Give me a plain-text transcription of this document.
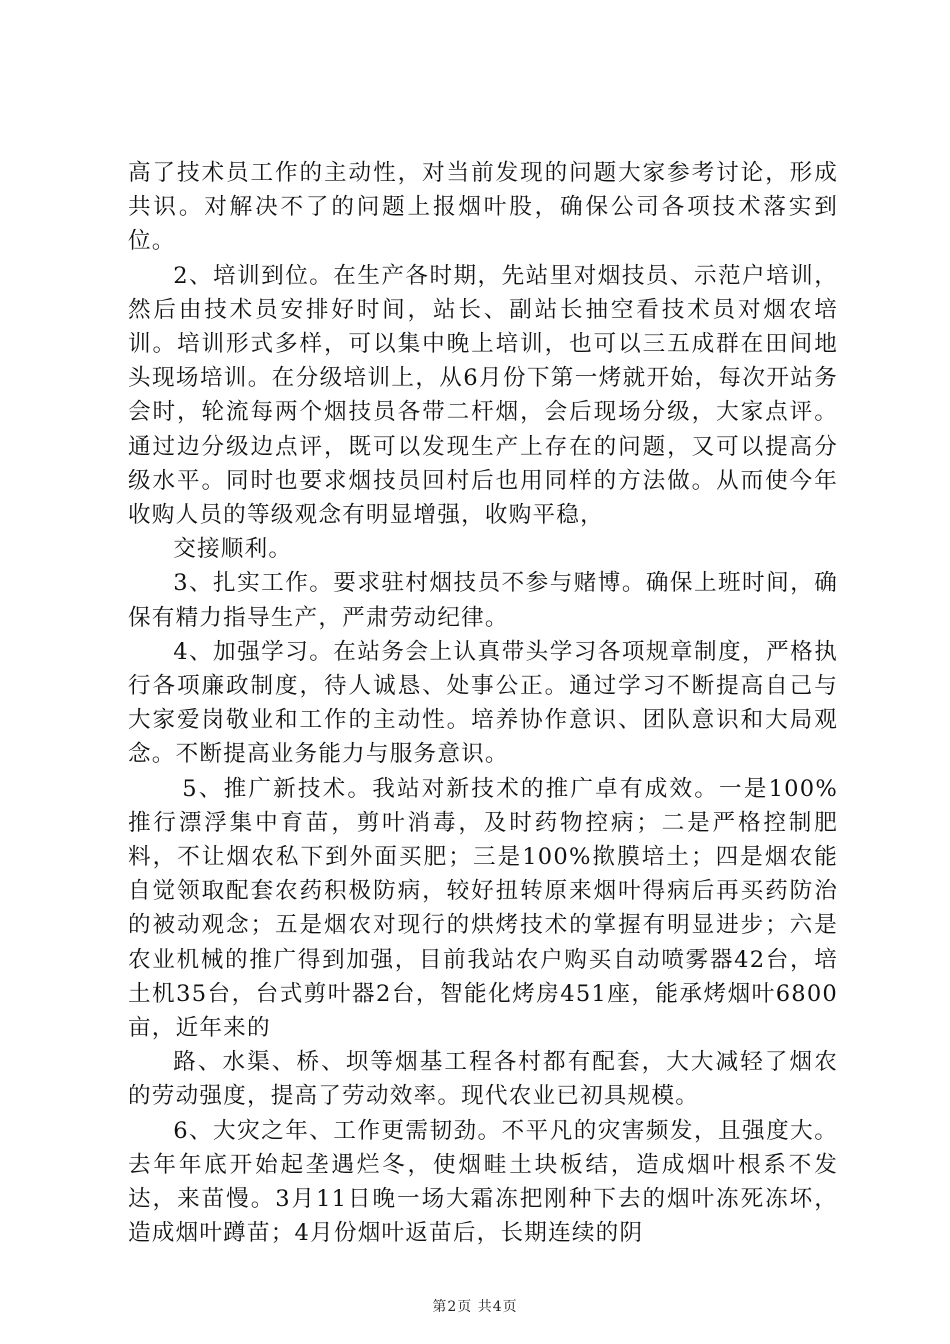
高了技术员工作的主动性，对当前发现的问题大家参考讨论，形成共识。对解决不了的问题上报烟叶股，确保公司各项技术落实到位。

2、培训到位。在生产各时期，先站里对烟技员、示范户培训，然后由技术员安排好时间，站长、副站长抽空看技术员对烟农培训。培训形式多样，可以集中晚上培训，也可以三五成群在田间地头现场培训。在分级培训上，从6月份下第一烤就开始，每次开站务会时，轮流每两个烟技员各带二杆烟，会后现场分级，大家点评。通过边分级边点评，既可以发现生产上存在的问题，又可以提高分级水平。同时也要求烟技员回村后也用同样的方法做。从而使今年收购人员的等级观念有明显增强，收购平稳，

交接顺利。

3、扎实工作。要求驻村烟技员不参与赌博。确保上班时间，确保有精力指导生产，严肃劳动纪律。

4、加强学习。在站务会上认真带头学习各项规章制度，严格执行各项廉政制度，待人诚恳、处事公正。通过学习不断提高自己与大家爱岗敬业和工作的主动性。培养协作意识、团队意识和大局观念。不断提高业务能力与服务意识。

5、推广新技术。我站对新技术的推广卓有成效。一是100%推行漂浮集中育苗，剪叶消毒，及时药物控病；二是严格控制肥料，不让烟农私下到外面买肥；三是100%揿膜培土；四是烟农能自觉领取配套农药积极防病，较好扭转原来烟叶得病后再买药防治的被动观念；五是烟农对现行的烘烤技术的掌握有明显进步；六是农业机械的推广得到加强，目前我站农户购买自动喷雾器42台，培土机35台，台式剪叶器2台，智能化烤房451座，能承烤烟叶6800亩，近年来的

路、水渠、桥、坝等烟基工程各村都有配套，大大减轻了烟农的劳动强度，提高了劳动效率。现代农业已初具规模。

6、大灾之年、工作更需韧劲。不平凡的灾害频发，且强度大。去年年底开始起垄遇烂冬，使烟畦土块板结，造成烟叶根系不发达，来苗慢。3月11日晚一场大霜冻把刚种下去的烟叶冻死冻坏，造成烟叶蹲苗；4月份烟叶返苗后，长期连续的阴

第2页 共4页
